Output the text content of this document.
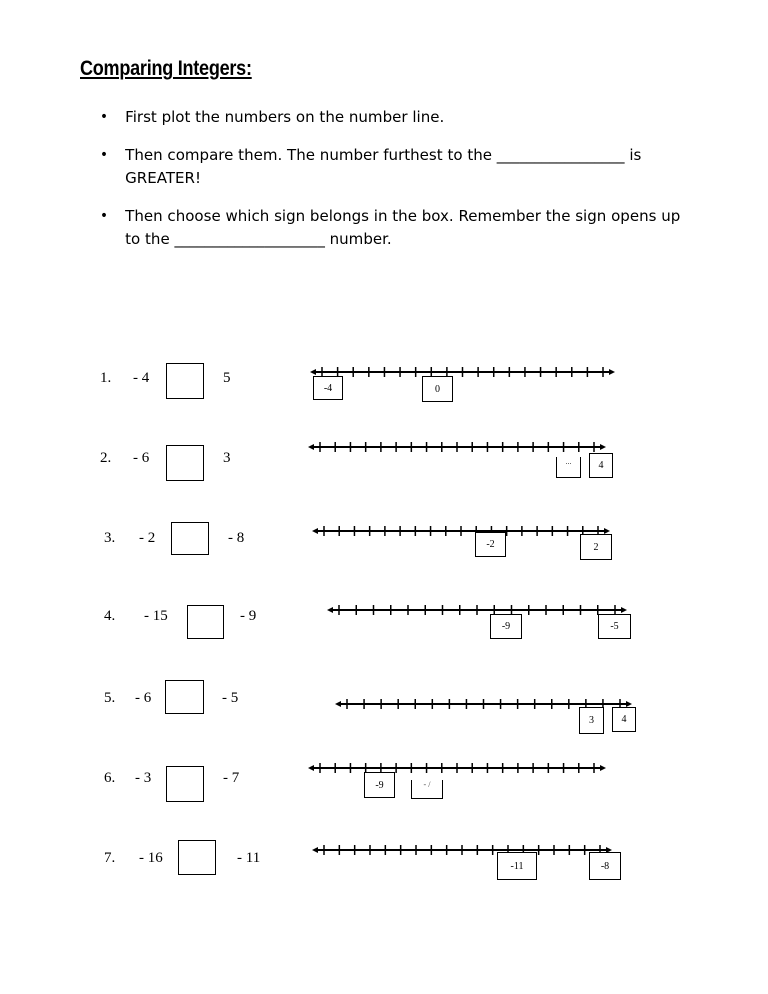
Comparing Integers:
• First plot the numbers on the number line.
• Then compare them. The number furthest to the _________________ is GREATER!
• Then choose which sign belongs in the box. Remember the sign opens up to the ____________________ number.
1. - 4	5
-4	0
2. - 6	3	...	4
3. - 2	- 8	-2	2
4. - 15	- 9
-9	-5
5. - 6	- 5
3	4
6. - 3	- 7	-9	- /
7. - 16	- 11	-11	-8
